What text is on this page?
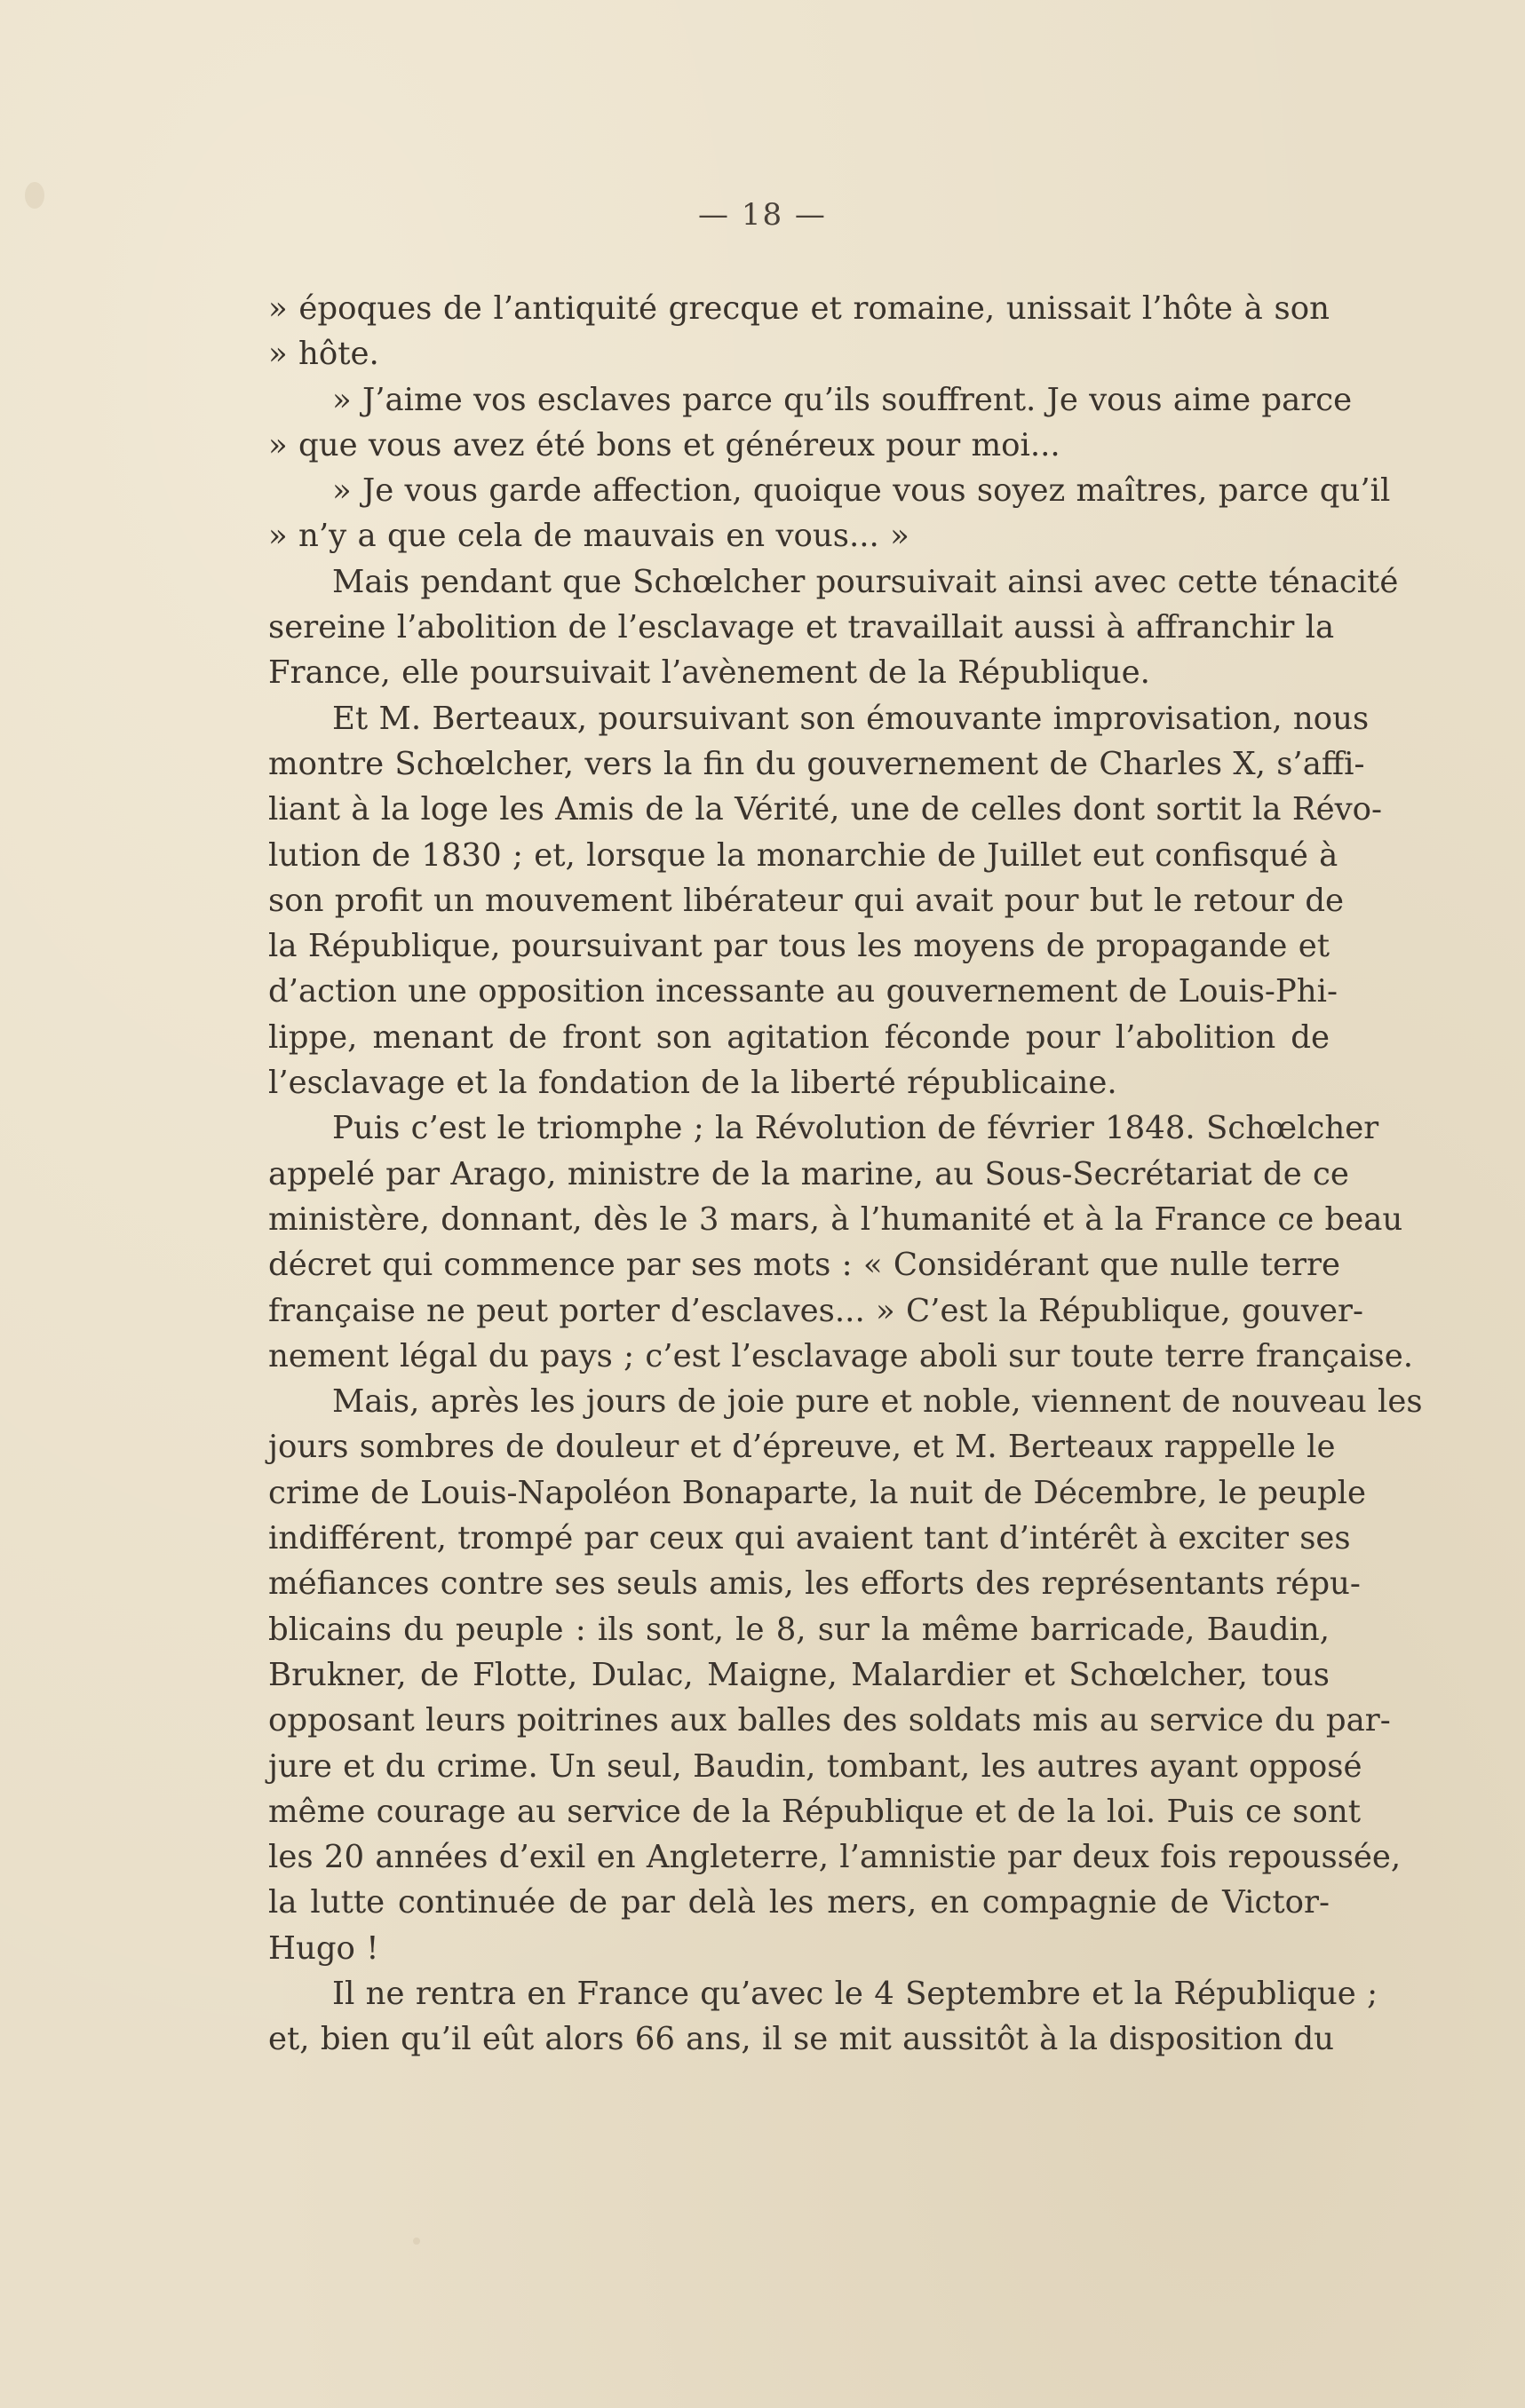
— 18 —
» époques de l’antiquité grecque et romaine, unissait l’hôte à son
» hôte.
» J’aime vos esclaves parce qu’ils souffrent. Je vous aime parce
» que vous avez été bons et généreux pour moi...
» Je vous garde affection, quoique vous soyez maîtres, parce qu’il
» n’y a que cela de mauvais en vous... »
Mais pendant que Schœlcher poursuivait ainsi avec cette ténacité
sereine l’abolition de l’esclavage et travaillait aussi à affranchir la
France, elle poursuivait l’avènement de la République.
Et M. Berteaux, poursuivant son émouvante improvisation, nous
montre Schœlcher, vers la fin du gouvernement de Charles X, s’affi-
liant à la loge les Amis de la Vérité, une de celles dont sortit la Révo-
lution de 1830 ; et, lorsque la monarchie de Juillet eut confisqué à
son profit un mouvement libérateur qui avait pour but le retour de
la République, poursuivant par tous les moyens de propagande et
d’action une opposition incessante au gouvernement de Louis-Phi-
lippe, menant de front son agitation féconde pour l’abolition de
l’esclavage et la fondation de la liberté républicaine.
Puis c’est le triomphe ; la Révolution de février 1848. Schœlcher
appelé par Arago, ministre de la marine, au Sous-Secrétariat de ce
ministère, donnant, dès le 3 mars, à l’humanité et à la France ce beau
décret qui commence par ses mots : « Considérant que nulle terre
française ne peut porter d’esclaves... » C’est la République, gouver-
nement légal du pays ; c’est l’esclavage aboli sur toute terre française.
Mais, après les jours de joie pure et noble, viennent de nouveau les
jours sombres de douleur et d’épreuve, et M. Berteaux rappelle le
crime de Louis-Napoléon Bonaparte, la nuit de Décembre, le peuple
indifférent, trompé par ceux qui avaient tant d’intérêt à exciter ses
méfiances contre ses seuls amis, les efforts des représentants répu-
blicains du peuple : ils sont, le 8, sur la même barricade, Baudin,
Brukner, de Flotte, Dulac, Maigne, Malardier et Schœlcher, tous
opposant leurs poitrines aux balles des soldats mis au service du par-
jure et du crime. Un seul, Baudin, tombant, les autres ayant opposé
même courage au service de la République et de la loi. Puis ce sont
les 20 années d’exil en Angleterre, l’amnistie par deux fois repoussée,
la lutte continuée de par delà les mers, en compagnie de Victor-
Hugo !
Il ne rentra en France qu’avec le 4 Septembre et la République ;
et, bien qu’il eût alors 66 ans, il se mit aussitôt à la disposition du
